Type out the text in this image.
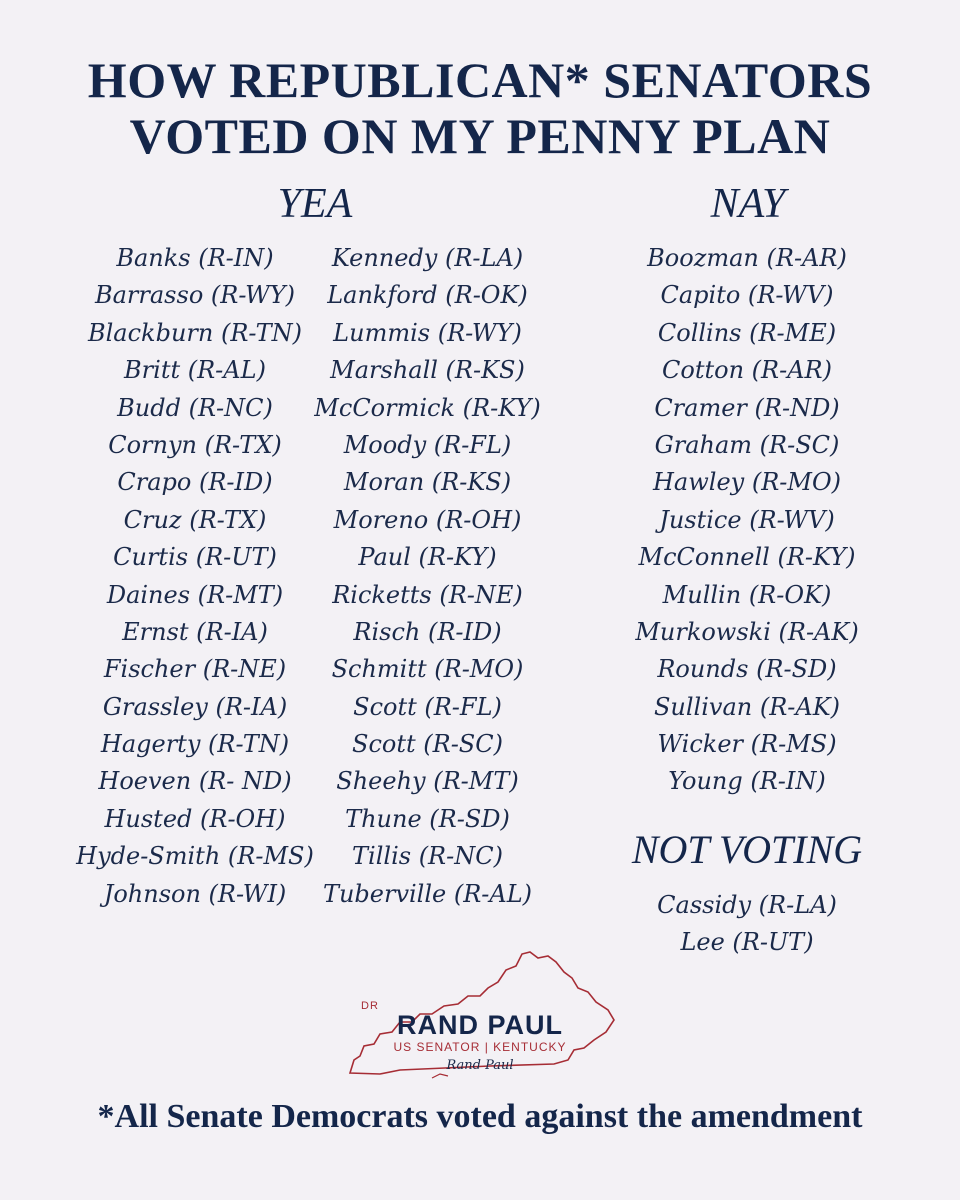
HOW REPUBLICAN* SENATORS
VOTED ON MY PENNY PLAN
YEA	NAY
Banks (R-IN)
Barrasso (R-WY)
Blackburn (R-TN)
Britt (R-AL)
Budd (R-NC)
Cornyn (R-TX)
Crapo (R-ID)
Cruz (R-TX)
Curtis (R-UT)
Daines (R-MT)
Ernst (R-IA)
Fischer (R-NE)
Grassley (R-IA)
Hagerty (R-TN)
Hoeven (R- ND)
Husted (R-OH)
Hyde-Smith (R-MS)
Johnson (R-WI)
Kennedy (R-LA)
Lankford (R-OK)
Lummis (R-WY)
Marshall (R-KS)
McCormick (R-KY)
Moody (R-FL)
Moran (R-KS)
Moreno (R-OH)
Paul (R-KY)
Ricketts (R-NE)
Risch (R-ID)
Schmitt (R-MO)
Scott (R-FL)
Scott (R-SC)
Sheehy (R-MT)
Thune (R-SD)
Tillis (R-NC)
Tuberville (R-AL)
Boozman (R-AR)
Capito (R-WV)
Collins (R-ME)
Cotton (R-AR)
Cramer (R-ND)
Graham (R-SC)
Hawley (R-MO)
Justice (R-WV)
McConnell (R-KY)
Mullin (R-OK)
Murkowski (R-AK)
Rounds (R-SD)
Sullivan (R-AK)
Wicker (R-MS)
Young (R-IN)
NOT VOTING
Cassidy (R-LA)
Lee (R-UT)
DR
RAND PAUL
US SENATOR | KENTUCKY
Rand Paul
*All Senate Democrats voted against the amendment
